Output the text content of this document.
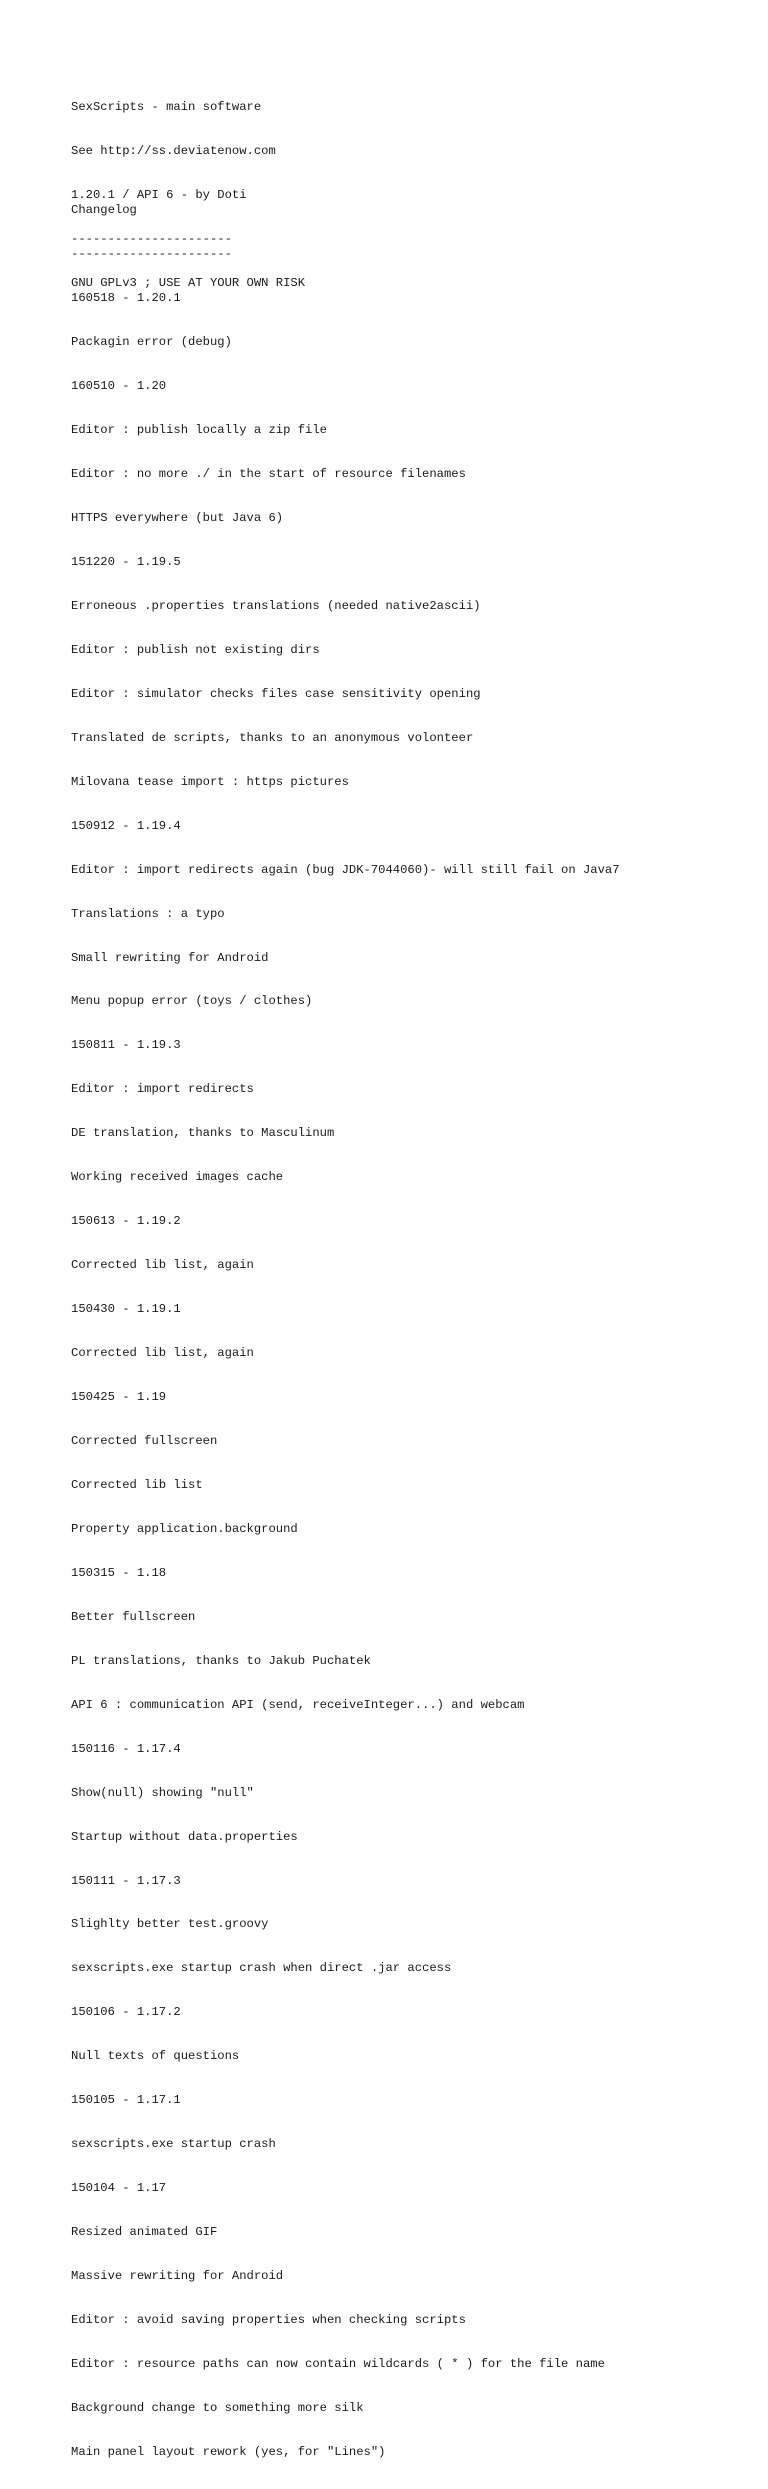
SexScripts - main software

See http://ss.deviatenow.com

1.20.1 / API 6 - by Doti

----------------------

GNU GPLv3 ; USE AT YOUR OWN RISK

Changelog

----------------------

160518 - 1.20.1

Packagin error (debug)

160510 - 1.20

Editor : publish locally a zip file

Editor : no more ./ in the start of resource filenames

HTTPS everywhere (but Java 6)

151220 - 1.19.5

Erroneous .properties translations (needed native2ascii)

Editor : publish not existing dirs

Editor : simulator checks files case sensitivity opening

Translated de scripts, thanks to an anonymous volonteer

Milovana tease import : https pictures

150912 - 1.19.4

Editor : import redirects again (bug JDK-7044060)- will still fail on Java7

Translations : a typo

Small rewriting for Android

Menu popup error (toys / clothes)

150811 - 1.19.3

Editor : import redirects

DE translation, thanks to Masculinum

Working received images cache

150613 - 1.19.2

Corrected lib list, again

150430 - 1.19.1

Corrected lib list, again

150425 - 1.19

Corrected fullscreen

Corrected lib list

Property application.background

150315 - 1.18

Better fullscreen

PL translations, thanks to Jakub Puchatek

API 6 : communication API (send, receiveInteger...) and webcam

150116 - 1.17.4

Show(null) showing "null"

Startup without data.properties

150111 - 1.17.3

Slighlty better test.groovy

sexscripts.exe startup crash when direct .jar access

150106 - 1.17.2

Null texts of questions

150105 - 1.17.1

sexscripts.exe startup crash

150104 - 1.17

Resized animated GIF

Massive rewriting for Android

Editor : avoid saving properties when checking scripts

Editor : resource paths can now contain wildcards ( * ) for the file name

Background change to something more silk

Main panel layout rework (yes, for "Lines")
